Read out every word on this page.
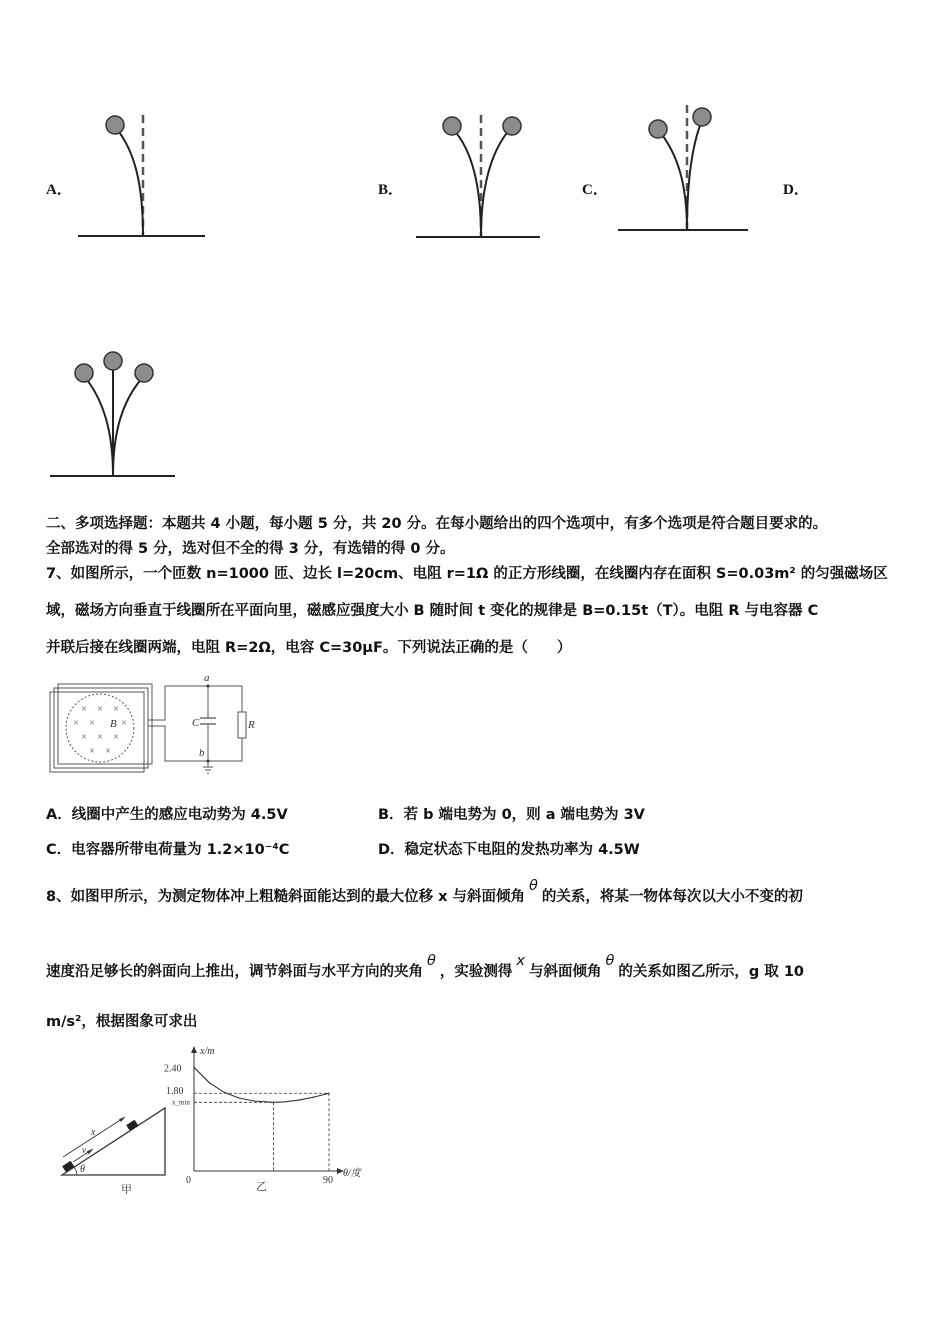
A．	B．	C．	D．
二、多项选择题：本题共 4 小题，每小题 5 分，共 20 分。在每小题给出的四个选项中，有多个选项是符合题目要求的。
全部选对的得 5 分，选对但不全的得 3 分，有选错的得 0 分。
7、如图所示，一个匝数 n=1000 匝、边长 l=20cm、电阻 r=1Ω 的正方形线圈，在线圈内存在面积 S=0.03m² 的匀强磁场区
域，磁场方向垂直于线圈所在平面向里，磁感应强度大小 B 随时间 t 变化的规律是 B=0.15t（T）。电阻 R 与电容器 C
并联后接在线圈两端，电阻 R=2Ω，电容 C=30μF。下列说法正确的是（　　）
× × ×
× ×	×
× × ×
× ×
B	C	R
a
b
A．线圈中产生的感应电动势为 4.5V	B．若 b 端电势为 0，则 a 端电势为 3V
C．电容器所带电荷量为 1.2×10⁻⁴C	D．稳定状态下电阻的发热功率为 4.5W
8、如图甲所示，为测定物体冲上粗糙斜面能达到的最大位移 x 与斜面倾角θ的关系，将某一物体每次以大小不变的初
速度沿足够长的斜面向上推出，调节斜面与水平方向的夹角θ，实验测得x与斜面倾角θ的关系如图乙所示，g 取 10
m/s²，根据图象可求出
x
v₀
θ
甲
x/m
θ/度
0	90
2.40
1.80
x_min
乙
